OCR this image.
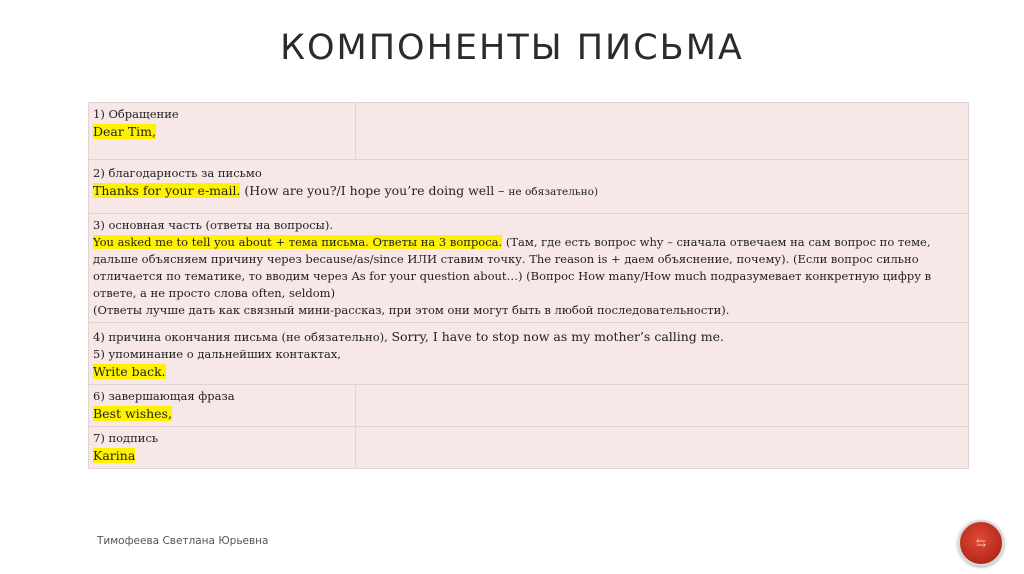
КОМПОНЕНТЫ ПИСЬМА
1) Обращение
Dear Tim,	

2) благодарность за письмо
Thanks for your e-mail. (How are you?/I hope you’re doing well – не обязательно)	

3) основная часть (ответы на вопросы).
You asked me to tell you about + тема письма. Ответы на 3 вопроса. (Там, где есть вопрос why – сначала отвечаем на сам вопрос по теме, дальше объясняем причину через because/as/since ИЛИ ставим точку. The reason is + даем объяснение, почему). (Если вопрос сильно отличается по тематике, то вводим через As for your question about…) (Вопрос How many/How much подразумевает конкретную цифру в ответе, а не просто слова often, seldom)
(Ответы лучше дать как связный мини-рассказ, при этом они могут быть в любой последовательности).	

4) причина окончания письма (не обязательно), Sorry, I have to stop now as my mother’s calling me.
5) упоминание о дальнейших контактах,
Write back.	

6) завершающая фраза
Best wishes,	

7) подпись
Karina	

Тимофеева Светлана Юрьевна	⇆
